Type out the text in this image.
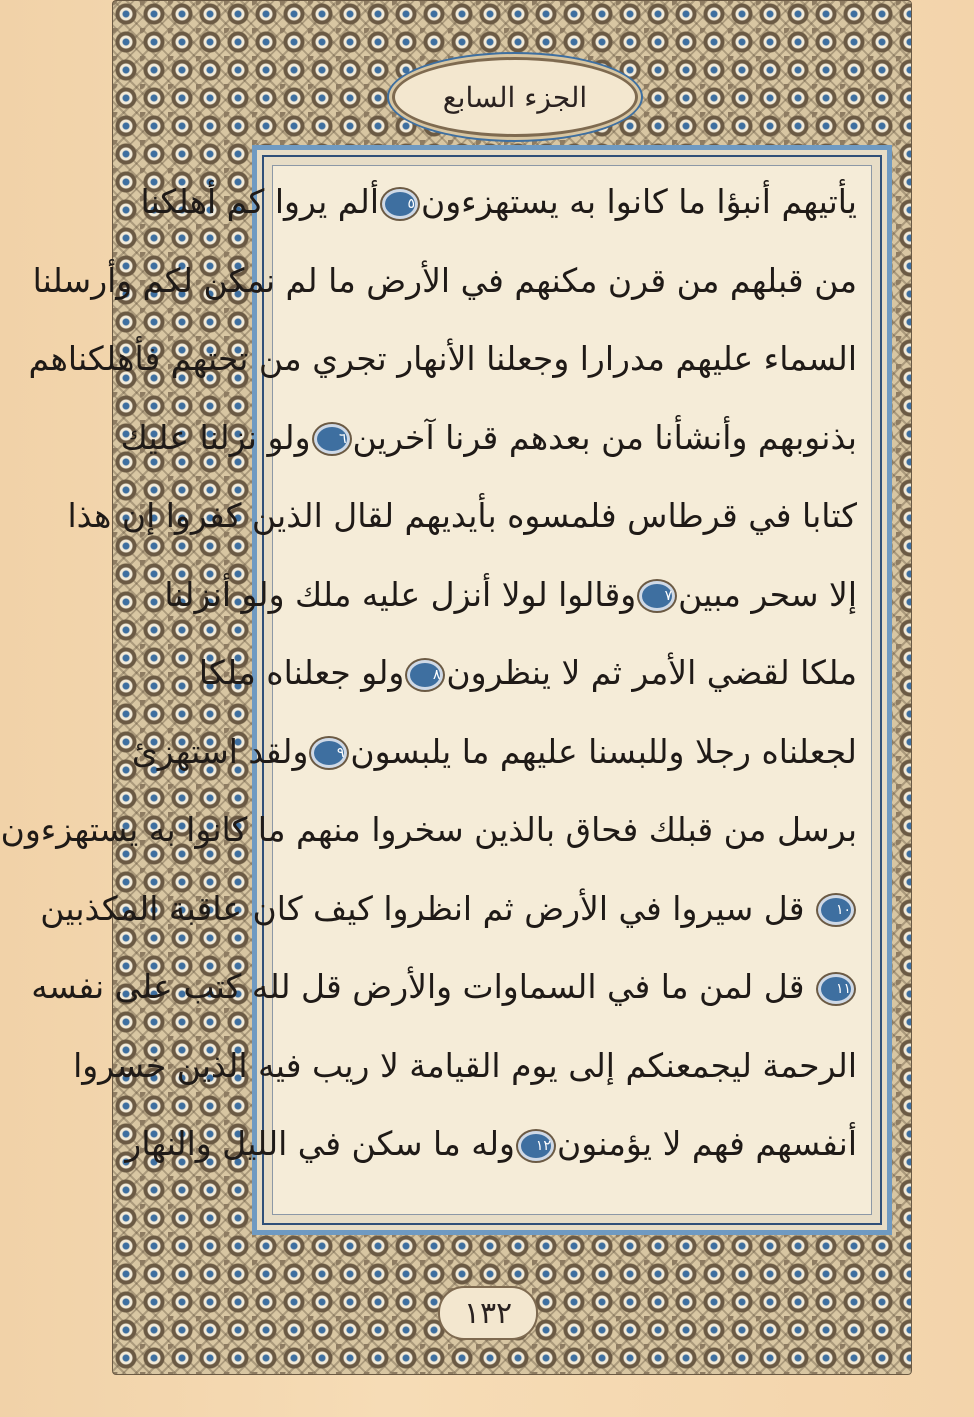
الجزء السابع
يأتيهم أنبؤا ما كانوا به يستهزءون٥ألم يروا كم أهلكنا
من قبلهم من قرن مكنهم في الأرض ما لم نمكن لكم وأرسلنا
السماء عليهم مدرارا وجعلنا الأنهار تجري من تحتهم فأهلكناهم
بذنوبهم وأنشأنا من بعدهم قرنا آخرين٦ولو نزلنا عليك
كتابا في قرطاس فلمسوه بأيديهم لقال الذين كفروا إن هذا
إلا سحر مبين٧وقالوا لولا أنزل عليه ملك ولو أنزلنا
ملكا لقضي الأمر ثم لا ينظرون٨ولو جعلناه ملكا
لجعلناه رجلا وللبسنا عليهم ما يلبسون٩ولقد استهزئ
برسل من قبلك فحاق بالذين سخروا منهم ما كانوا به يستهزءون
١٠ قل سيروا في الأرض ثم انظروا كيف كان عاقبة المكذبين
١١ قل لمن ما في السماوات والأرض قل لله كتب على نفسه
الرحمة ليجمعنكم إلى يوم القيامة لا ريب فيه الذين خسروا
أنفسهم فهم لا يؤمنون١٢وله ما سكن في الليل والنهار
١٣٢
